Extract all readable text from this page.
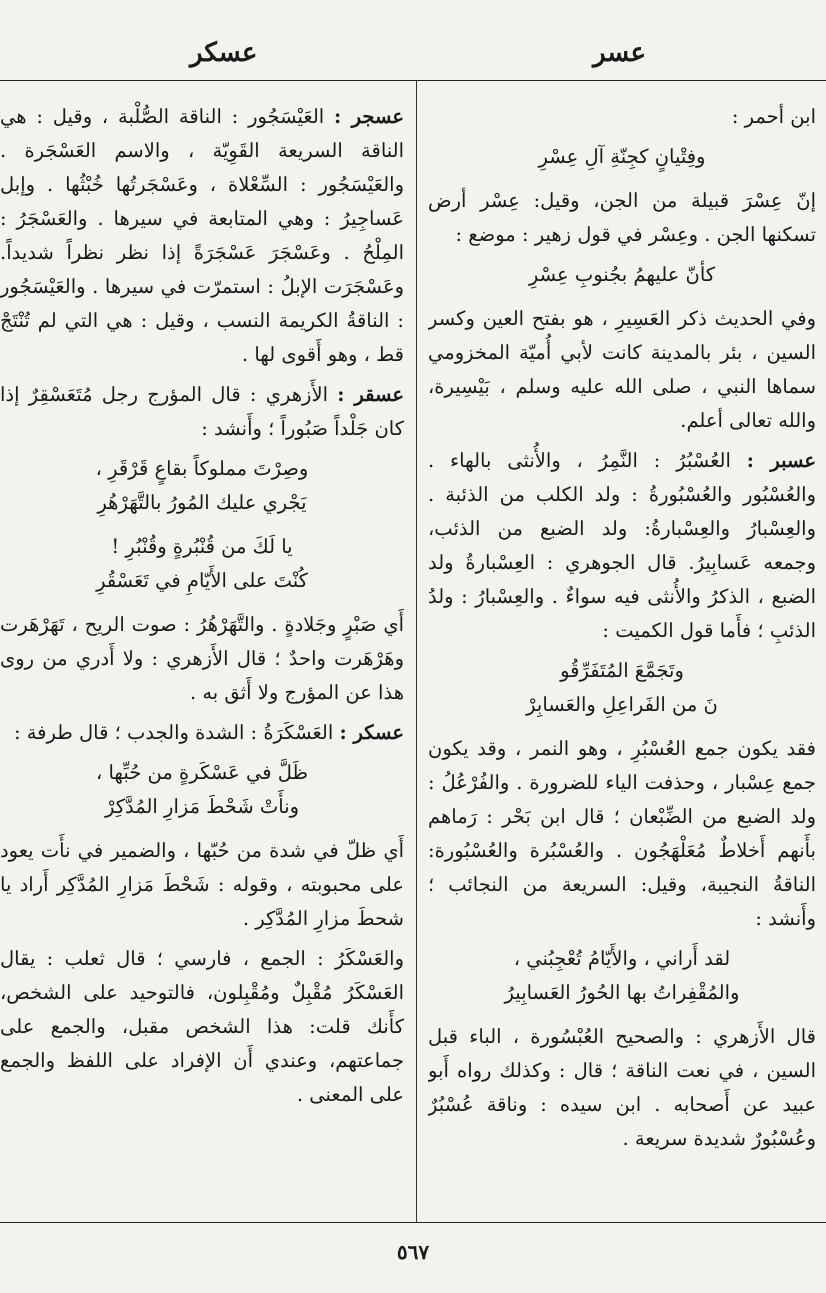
عسر
عسكر

ابن أحمر :

وفِتْيانٍ كجِنّةِ آلِ عِسْرِ

إنّ عِسْرَ قبيلة من الجن، وقيل: عِسْر أرض تسكنها الجن . وعِسْر في قول زهير : موضع :

كأنّ عليهمُ بجُنوبِ عِسْرِ

وفي الحديث ذكر العَسِيرِ ، هو بفتح العين وكسر السين ، بئر بالمدينة كانت لأبي أُميّة المخزومي سماها النبي ، صلى الله عليه وسلم ، بَيْسِيرة، والله تعالى أعلم.

عسبر : العُسْبُرُ : النَّمِرُ ، والأُنثى بالهاء . والعُسْبُور والعُسْبُورةُ : ولد الكلب من الذئبة . والعِسْبارُ والعِسْبارةُ: ولد الضبع من الذئب، وجمعه عَسابِيرُ. قال الجوهري : العِسْبارةُ ولد الضبع ، الذكرُ والأُنثى فيه سواءٌ . والعِسْبارُ : ولدُ الذئبِ ؛ فأَما قول الكميت :

وتَجَمَّعَ المُتَفَرِّقُو
نَ من الفَراعِلِ والعَسابِرْ

فقد يكون جمع العُسْبُرِ ، وهو النمر ، وقد يكون جمع عِسْبار ، وحذفت الياء للضرورة . والفُرْعُلُ : ولد الضبع من الضِّبْعان ؛ قال ابن بَحْر : رَماهم بأَنهم أَخلاطٌ مُعَلْهَجُون . والعُسْبُرة والعُسْبُورة: الناقةُ النجيبة، وقيل: السريعة من النجائب ؛ وأَنشد :

لقد أَراني ، والأَيّامُ تُعْجِبُني ،
والمُقْفِراتُ بها الحُورُ العَسابِيرُ

قال الأَزهري : والصحيح العُبْسُورة ، الباء قبل السين ، في نعت الناقة ؛ قال : وكذلك رواه أَبو عبيد عن أَصحابه . ابن سيده : وناقة عُسْبُرٌ وعُسْبُورٌ شديدة سريعة .

عسجر : العَيْسَجُور : الناقة الصُّلْبة ، وقيل : هي الناقة السريعة القَوِيّة ، والاسم العَسْجَرة . والعَيْسَجُور : السِّعْلاة ، وعَسْجَرتُها خُبْثُها . وإبل عَساجِيرُ : وهي المتابعة في سيرها . والعَسْجَرُ : المِلْحُ . وعَسْجَرَ عَسْجَرَةً إذا نظر نظراً شديداً. وعَسْجَرَت الإبلُ : استمرّت في سيرها . والعَيْسَجُور : الناقةُ الكريمة النسب ، وقيل : هي التي لم تُنْتَجْ قط ، وهو أَقوى لها .

عسقر : الأَزهري : قال المؤرج رجل مُتَعَسْقِرٌ إذا كان جَلْداً صَبُوراً ؛ وأَنشد :

وصِرْتَ مملوكاً بقاعٍ قَرْقَرِ ،
يَجْري عليك المُورُ بالتَّهَرْهُرِ
يا لَكَ من قُنْبُرةٍ وقُنْبُرِ !
كُنْتَ على الأَيّامِ في تَعَسْقُرِ

أَي صَبْرٍ وجَلادةٍ . والتَّهَرْهُرُ : صوت الريح ، تَهَرْهَرت وهَرْهَرت واحدٌ ؛ قال الأَزهري : ولا أَدري من روى هذا عن المؤرج ولا أَثق به .

عسكر : العَسْكَرَةُ : الشدة والجدب ؛ قال طرفة :

ظَلَّ في عَسْكَرةٍ من حُبِّها ،
ونأَتْ شَحْطَ مَزارِ المُدَّكِرْ

أَي ظلّ في شدة من حُبّها ، والضمير في نأَت يعود على محبوبته ، وقوله : شَحْطَ مَزارِ المُدَّكِر أَراد يا شحطَ مزارِ المُدَّكِر .

والعَسْكَرُ : الجمع ، فارسي ؛ قال ثعلب : يقال العَسْكَرُ مُقْبِلٌ ومُقْبِلون، فالتوحيد على الشخص، كأَنك قلت: هذا الشخص مقبل، والجمع على جماعتهم، وعندي أَن الإفراد على اللفظ والجمع على المعنى .

٥٦٧
